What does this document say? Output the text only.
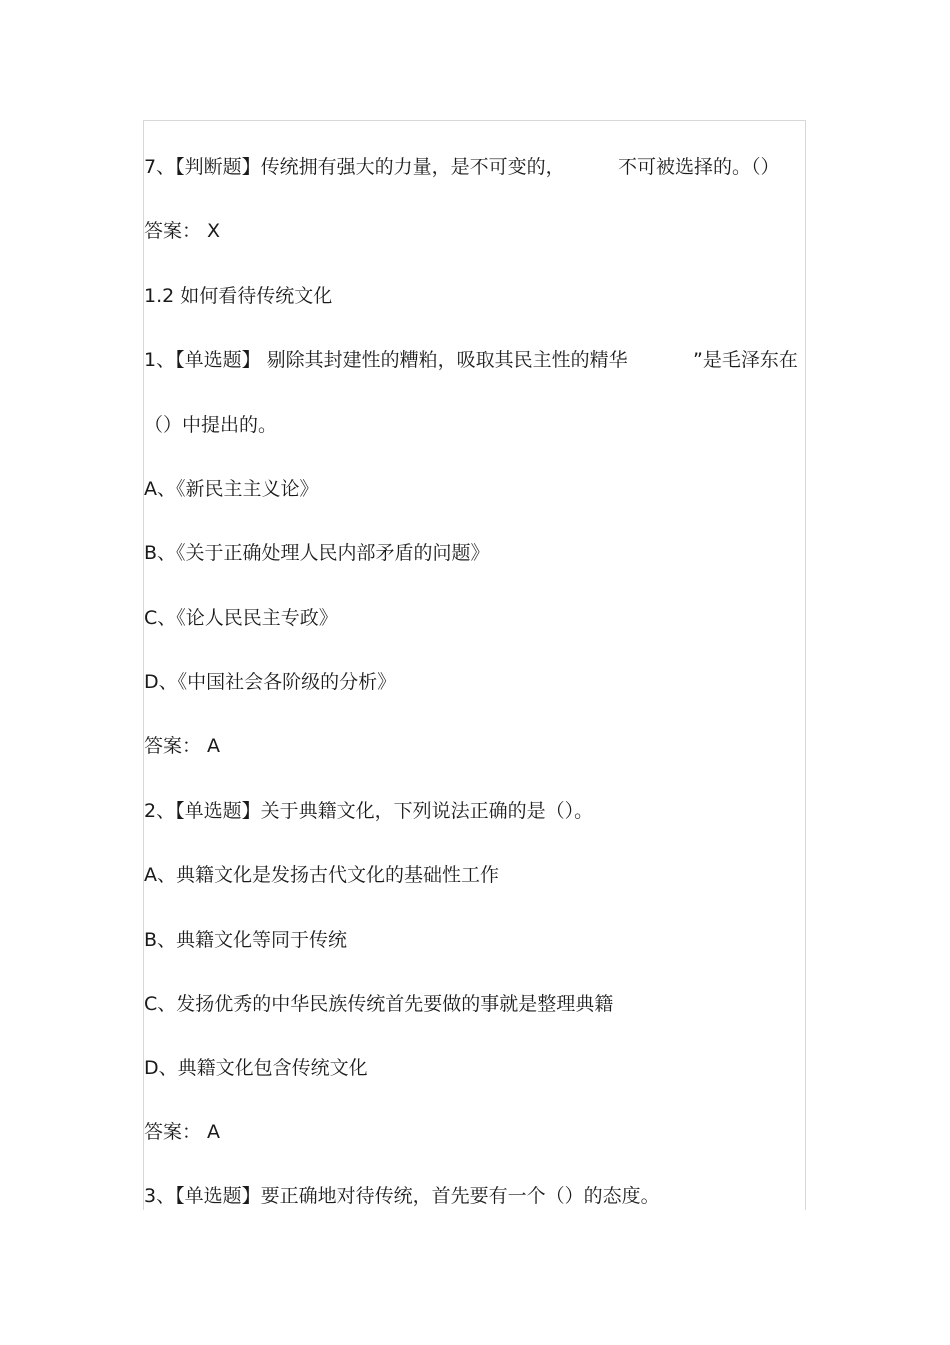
7、【判断题】传统拥有强大的力量，是不可变的，	不可被选择的。（）
答案： X
1.2 如何看待传统文化
1、【单选题】 剔除其封建性的糟粕，吸取其民主性的精华	”是毛泽东在
（）中提出的。
A、《新民主主义论》
B、《关于正确处理人民内部矛盾的问题》
C、《论人民民主专政》
D、《中国社会各阶级的分析》
答案： A
2、【单选题】关于典籍文化，下列说法正确的是（）。
A、典籍文化是发扬古代文化的基础性工作
B、典籍文化等同于传统
C、发扬优秀的中华民族传统首先要做的事就是整理典籍
D、典籍文化包含传统文化
答案： A
3、【单选题】要正确地对待传统，首先要有一个（）的态度。
